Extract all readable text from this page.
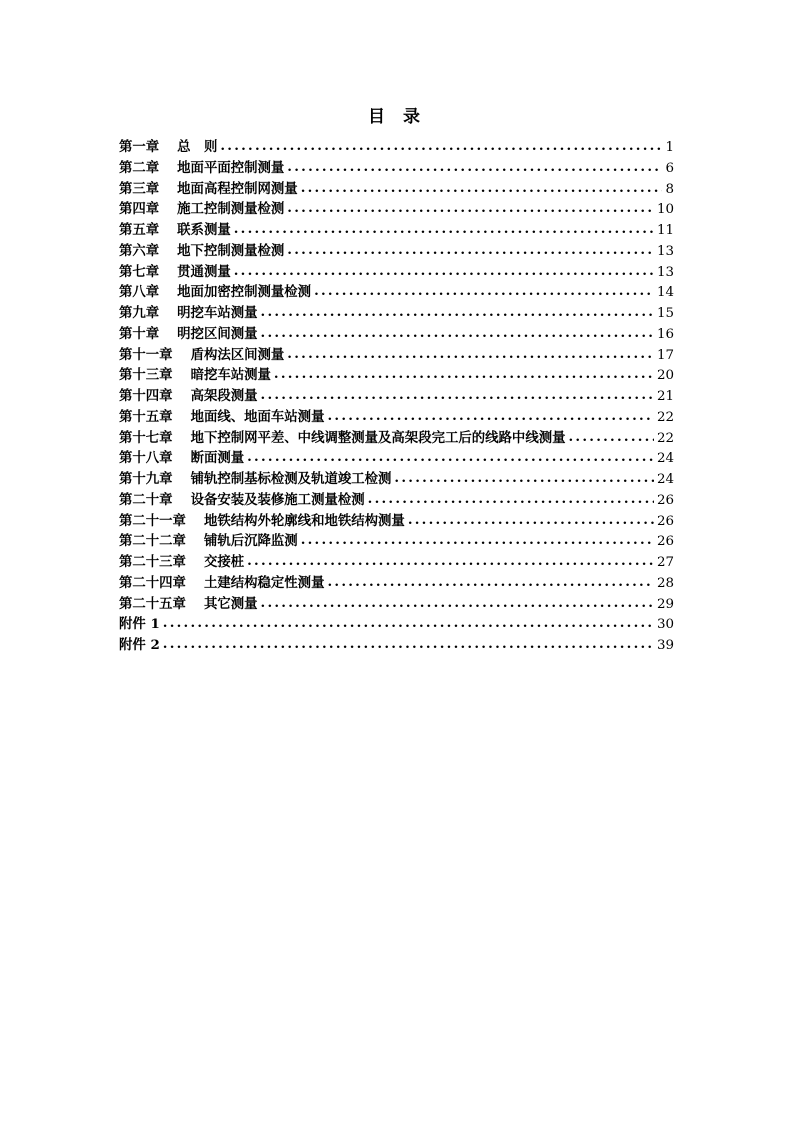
目 录
第一章 总　则 . . .	1
第二章 地面平面控制测量 . . .	6
第三章 地面高程控制网测量 . . .	8
第四章 施工控制测量检测 . . .	10
第五章 联系测量 . . .	11
第六章 地下控制测量检测 . . .	13
第七章 贯通测量 . . .	13
第八章 地面加密控制测量检测 . . .	14
第九章 明挖车站测量 . . .	15
第十章 明挖区间测量 . . .	16
第十一章 盾构法区间测量 . . .	17
第十三章 暗挖车站测量 . . .	20
第十四章 高架段测量 . . .	21
第十五章 地面线、地面车站测量 . . .	22
第十七章 地下控制网平差、中线调整测量及高架段完工后的线路中线测量 . . .	22
第十八章 断面测量 . . .	24
第十九章 铺轨控制基标检测及轨道竣工检测 . . .	24
第二十章 设备安装及装修施工测量检测 . . .	26
第二十一章 地铁结构外轮廓线和地铁结构测量 . . .	26
第二十二章 铺轨后沉降监测 . . .	26
第二十三章 交接桩 . . .	27
第二十四章 土建结构稳定性测量 . . .	28
第二十五章 其它测量 . . .	29
附件 1 . . .	30
附件 2 . . .	39
